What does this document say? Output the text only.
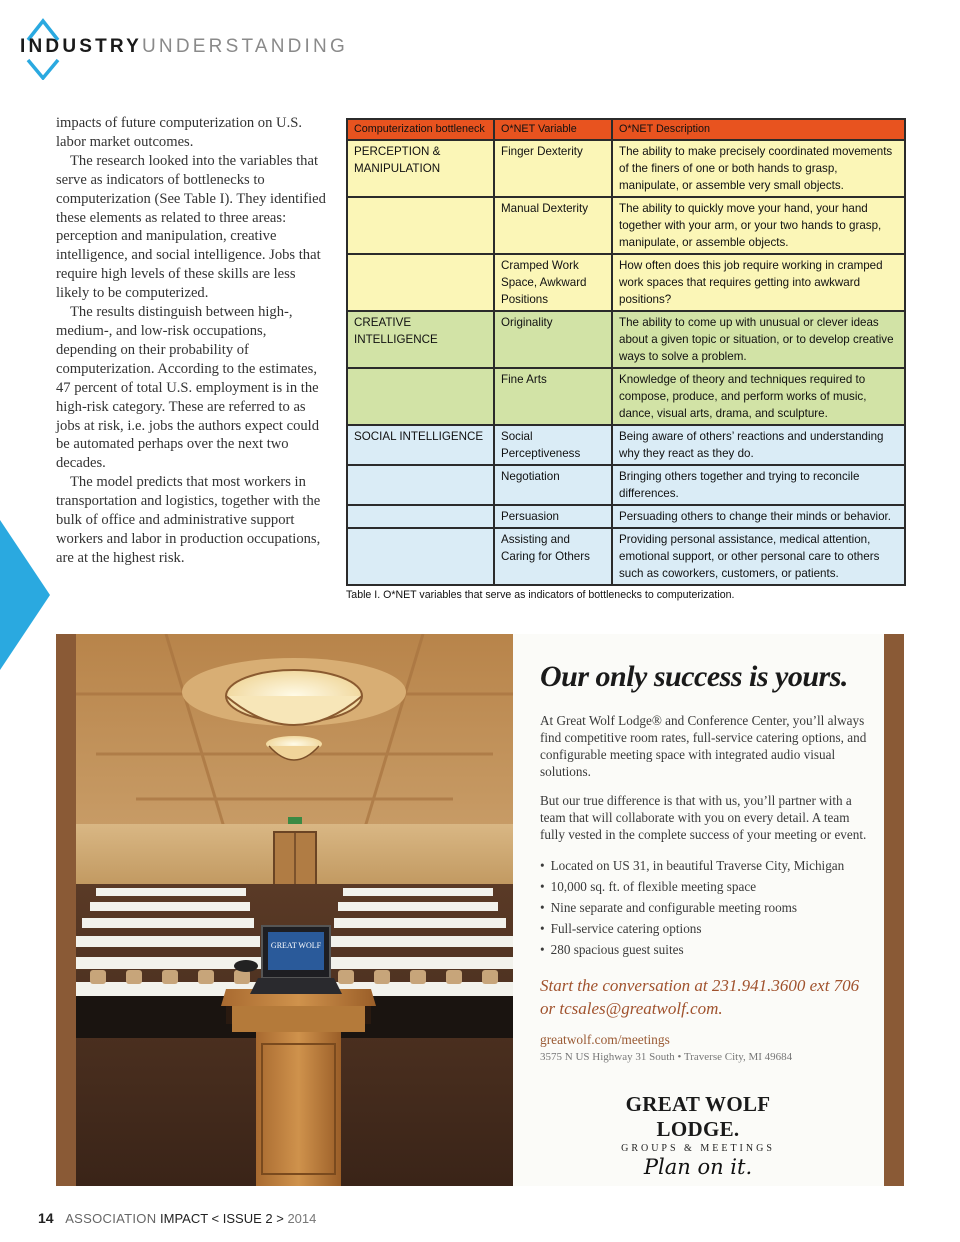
INDUSTRYUNDERSTANDING

impacts of future computerization on U.S. labor market outcomes.

The research looked into the variables that serve as indicators of bottlenecks to computerization (See Table I). They identified these elements as related to three areas: perception and manipulation, creative intelligence, and social intelligence. Jobs that require high levels of these skills are less likely to be computerized.

The results distinguish between high-, medium-, and low-risk occupations, depending on their probability of computerization. According to the estimates, 47 percent of total U.S. employment is in the high-risk category. These are referred to as jobs at risk, i.e. jobs the authors expect could be automated perhaps over the next two decades.

The model predicts that most workers in transportation and logistics, together with the bulk of office and administrative support workers and labor in production occupations, are at the highest risk.

Computerization bottleneck	O*NET Variable	O*NET Description
PERCEPTION & MANIPULATION	Finger Dexterity	The ability to make precisely coordinated movements of the finers of one or both hands to grasp, manipulate, or assemble very small objects.
	Manual Dexterity	The ability to quickly move your hand, your hand together with your arm, or your two hands to grasp, manipulate, or assemble objects.
	Cramped Work Space, Awkward Positions	How often does this job require working in cramped work spaces that requires getting into awkward positions?
CREATIVE INTELLIGENCE	Originality	The ability to come up with unusual or clever ideas about a given topic or situation, or to develop creative ways to solve a problem.
	Fine Arts	Knowledge of theory and techniques required to compose, produce, and perform works of music, dance, visual arts, drama, and sculpture.
SOCIAL INTELLIGENCE	Social Perceptiveness	Being aware of others’ reactions and understanding why they react as they do.
	Negotiation	Bringing others together and trying to reconcile differences.
	Persuasion	Persuading others to change their minds or behavior.
	Assisting and Caring for Others	Providing personal assistance, medical attention, emotional support, or other personal care to others such as coworkers, customers, or patients.
Table I. O*NET variables that serve as indicators of bottlenecks to computerization.
GREAT WOLF
Our only success is yours.

At Great Wolf Lodge® and Conference Center, you’ll always find competitive room rates, full-service catering options, and configurable meeting space with integrated audio visual solutions.

But our true difference is that with us, you’ll partner with a team that will collaborate with you on every detail. A team fully vested in the complete success of your meeting or event.

• Located on US 31, in beautiful Traverse City, Michigan
• 10,000 sq. ft. of flexible meeting space
• Nine separate and configurable meeting rooms
• Full-service catering options
• 280 spacious guest suites

Start the conversation at 231.941.3600 ext 706 or tcsales@greatwolf.com.

greatwolf.com/meetings
3575 N US Highway 31 South • Traverse City, MI 49684
GREAT WOLF LODGE.
GROUPS & MEETINGS
Plan on it.
14 ASSOCIATION IMPACT < ISSUE 2 > 2014
